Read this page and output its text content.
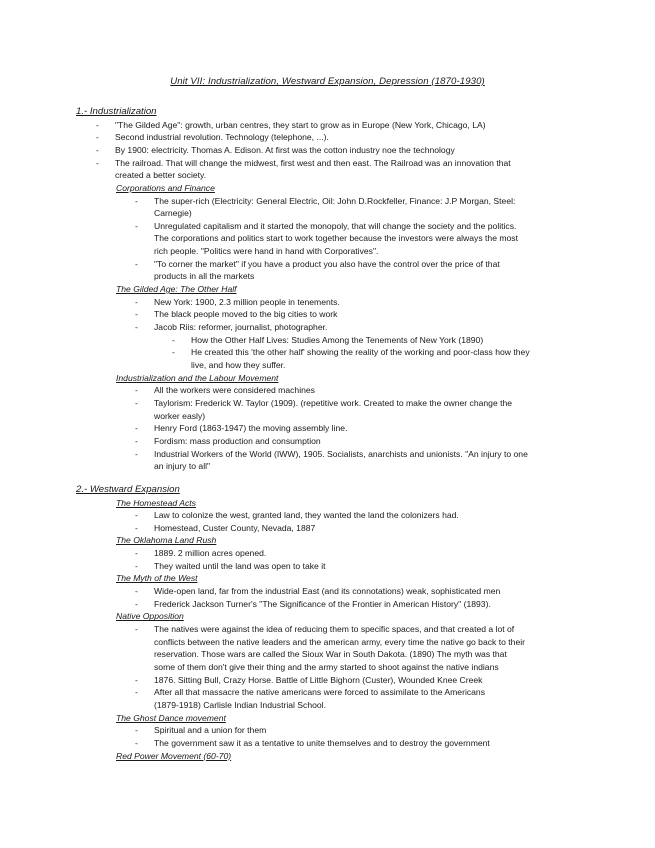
Unit VII: Industrialization, Westward Expansion, Depression (1870-1930)
1.- Industrialization
- "The Gilded Age": growth, urban centres, they start to grow as in Europe (New York, Chicago, LA)
- Second industrial revolution. Technology (telephone, ...).
- By 1900: electricity. Thomas A. Edison. At first was the cotton industry noe the technology
- The railroad. That will change the midwest, first west and then east. The Railroad was an innovation that
created a better society.
Corporations and Finance
- The super-rich (Electricity: General Electric, Oil: John D.Rockfeller, Finance: J.P Morgan, Steel:
Carnegie)
- Unregulated capitalism and it started the monopoly, that will change the society and the politics.
The corporations and politics start to work together because the investors were always the most
rich people. "Politics were hand in hand with Corporatives".
- "To corner the market" if you have a product you also have the control over the price of that
products in all the markets
The Gilded Age: The Other Half
- New York: 1900, 2.3 million people in tenements.
- The black people moved to the big cities to work
- Jacob Riis: reformer, journalist, photographer.
- How the Other Half Lives: Studies Among the Tenements of New York (1890)
- He created this 'the other half' showing the reality of the working and poor-class how they
live, and how they suffer.
Industrialization and the Labour Movement
- All the workers were considered machines
- Taylorism: Frederick W. Taylor (1909). (repetitive work. Created to make the owner change the
worker easly)
- Henry Ford (1863-1947) the moving assembly line.
- Fordism: mass production and consumption
- Industrial Workers of the World (IWW), 1905. Socialists, anarchists and unionists. "An injury to one
an injury to all"
2.- Westward Expansion
The Homestead Acts
- Law to colonize the west, granted land, they wanted the land the colonizers had.
- Homestead, Custer County, Nevada, 1887
The Oklahoma Land Rush
- 1889. 2 million acres opened.
- They waited until the land was open to take it
The Myth of the West
- Wide-open land, far from the industrial East (and its connotations) weak, sophisticated men
- Frederick Jackson Turner's "The Significance of the Frontier in American History" (1893).
Native Opposition
- The natives were against the idea of reducing them to specific spaces, and that created a lot of
conflicts between the native leaders and the american army, every time the native go back to their
reservation. Those wars are called the Sioux War in South Dakota. (1890) The myth was that
some of them don't give their thing and the army started to shoot against the native indians
- 1876. Sitting Bull, Crazy Horse. Battle of Little Bighorn (Custer), Wounded Knee Creek
- After all that massacre the native americans were forced to assimilate to the Americans
(1879-1918) Carlisle Indian Industrial School.
The Ghost Dance movement
- Spiritual and a union for them
- The government saw it as a tentative to unite themselves and to destroy the government
Red Power Movement (60-70)
